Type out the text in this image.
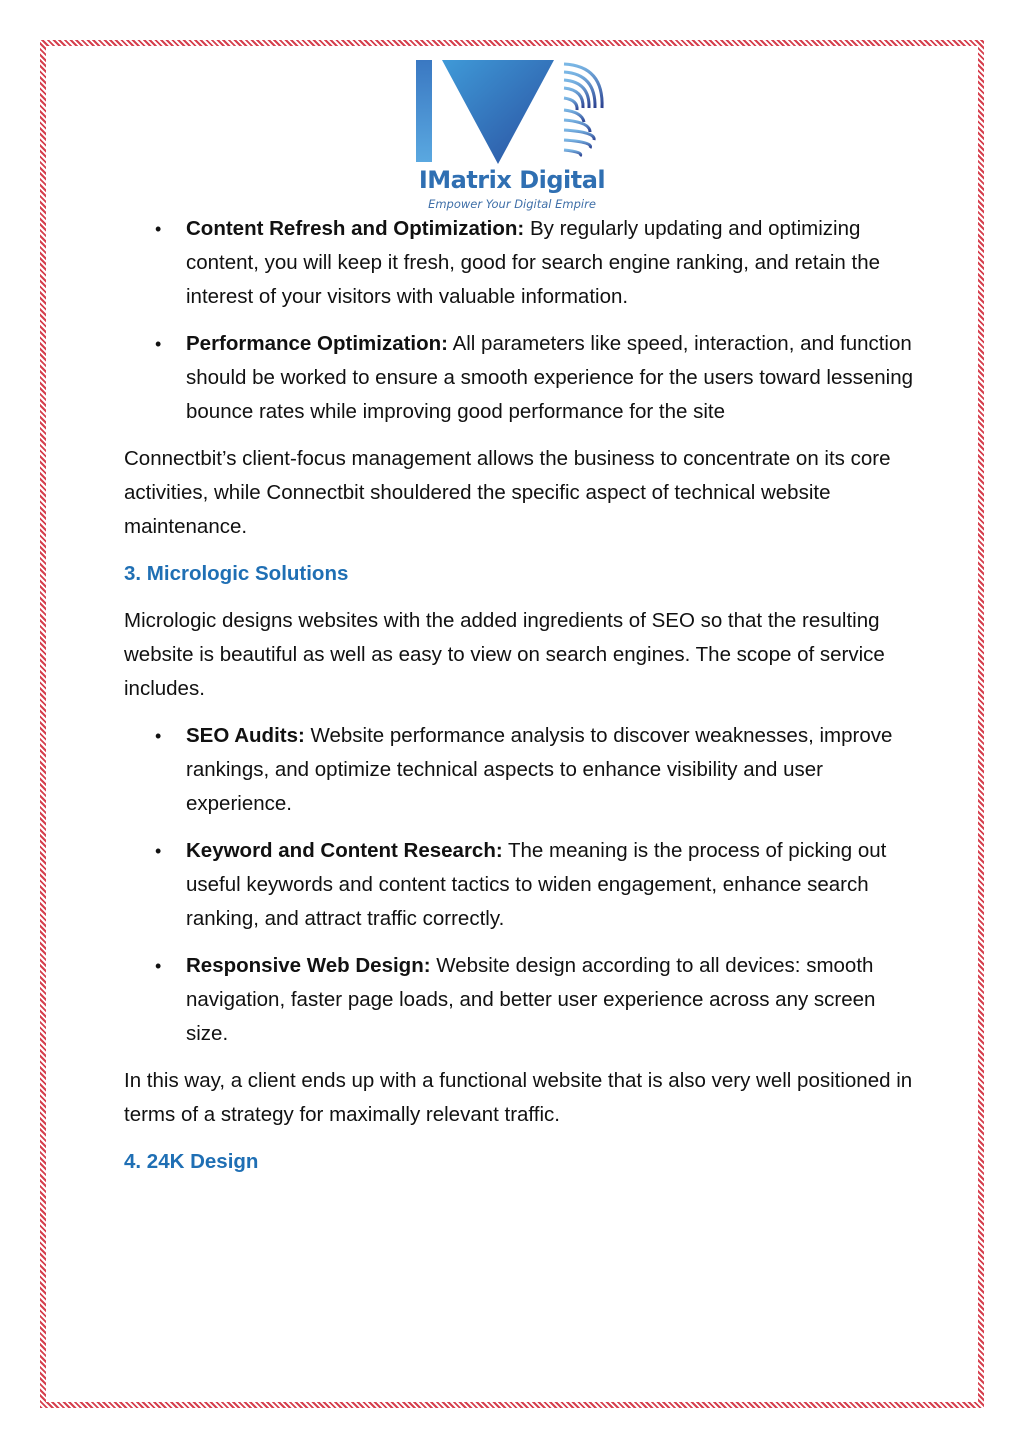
IMatrix Digital
Empower Your Digital Empire
• Content Refresh and Optimization: By regularly updating and optimizing content, you will keep it fresh, good for search engine ranking, and retain the interest of your visitors with valuable information.
• Performance Optimization: All parameters like speed, interaction, and function should be worked to ensure a smooth experience for the users toward lessening bounce rates while improving good performance for the site

Connectbit’s client-focus management allows the business to concentrate on its core activities, while Connectbit shouldered the specific aspect of technical website maintenance.

3. Micrologic Solutions

Micrologic designs websites with the added ingredients of SEO so that the resulting website is beautiful as well as easy to view on search engines. The scope of service includes.

• SEO Audits: Website performance analysis to discover weaknesses, improve rankings, and optimize technical aspects to enhance visibility and user experience.
• Keyword and Content Research: The meaning is the process of picking out useful keywords and content tactics to widen engagement, enhance search ranking, and attract traffic correctly.
• Responsive Web Design: Website design according to all devices: smooth navigation, faster page loads, and better user experience across any screen size.

In this way, a client ends up with a functional website that is also very well positioned in terms of a strategy for maximally relevant traffic.

4. 24K Design
